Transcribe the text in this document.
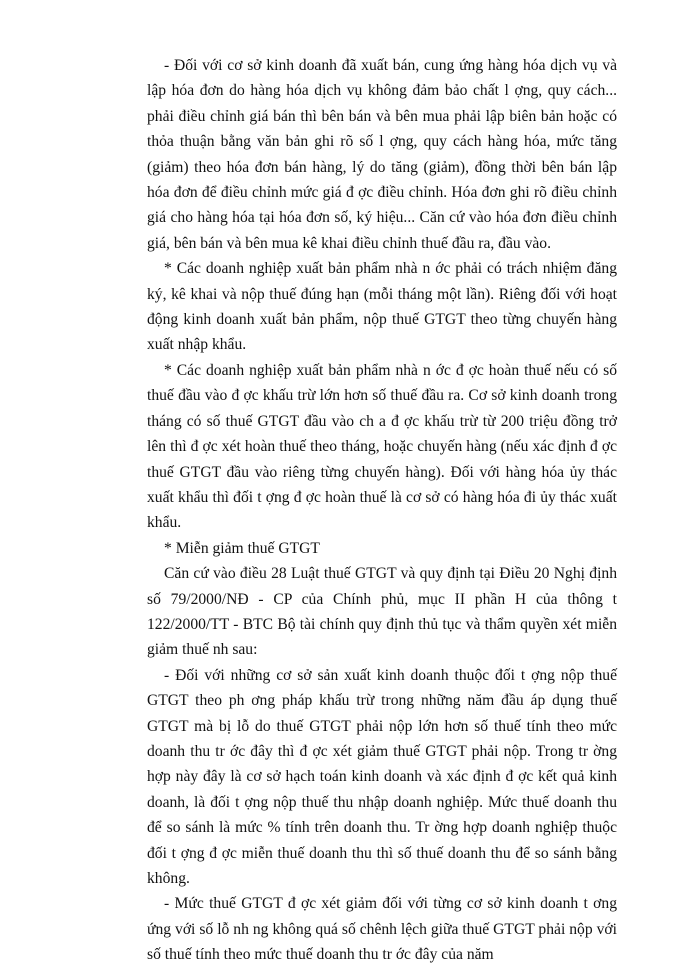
- Đối với cơ sở kinh doanh đã xuất bán, cung ứng hàng hóa dịch vụ và lập hóa đơn do hàng hóa dịch vụ không đảm bảo chất l ợng, quy cách... phải điều chỉnh giá bán thì bên bán và bên mua phải lập biên bản hoặc có thỏa thuận bằng văn bản ghi rõ số l ợng, quy cách hàng hóa, mức tăng (giảm) theo hóa đơn bán hàng, lý do tăng (giảm), đồng thời bên bán lập hóa đơn để điều chỉnh mức giá đ ợc điều chỉnh. Hóa đơn ghi rõ điều chỉnh giá cho hàng hóa tại hóa đơn số, ký hiệu... Căn cứ vào hóa đơn điều chỉnh giá, bên bán và bên mua kê khai điều chỉnh thuế đầu ra, đầu vào.

* Các doanh nghiệp xuất bản phẩm nhà n ớc phải có trách nhiệm đăng ký, kê khai và nộp thuế đúng hạn (mỗi tháng một lần). Riêng đối với hoạt động kinh doanh xuất bản phẩm, nộp thuế GTGT theo từng chuyến hàng xuất nhập khẩu.

* Các doanh nghiệp xuất bản phẩm nhà n ớc đ ợc hoàn thuế nếu có số thuế đầu vào đ ợc khấu trừ lớn hơn số thuế đầu ra. Cơ sở kinh doanh trong tháng có số thuế GTGT đầu vào ch a đ ợc khấu trừ từ 200 triệu đồng trở lên thì đ ợc xét hoàn thuế theo tháng, hoặc chuyến hàng (nếu xác định đ ợc thuế GTGT đầu vào riêng từng chuyến hàng). Đối với hàng hóa ủy thác xuất khẩu thì đối t ợng đ ợc hoàn thuế là cơ sở có hàng hóa đi ủy thác xuất khẩu.

* Miễn giảm thuế GTGT

Căn cứ vào điều 28 Luật thuế GTGT và quy định tại Điều 20 Nghị định số 79/2000/NĐ - CP của Chính phủ, mục II phần H của thông t 122/2000/TT - BTC Bộ tài chính quy định thủ tục và thẩm quyền xét miễn giảm thuế nh sau:

- Đối với những cơ sở sản xuất kinh doanh thuộc đối t ợng nộp thuế GTGT theo ph ơng pháp khấu trừ trong những năm đầu áp dụng thuế GTGT mà bị lỗ do thuế GTGT phải nộp lớn hơn số thuế tính theo mức doanh thu tr ớc đây thì đ ợc xét giảm thuế GTGT phải nộp. Trong tr ờng hợp này đây là cơ sở hạch toán kinh doanh và xác định đ ợc kết quả kinh doanh, là đối t ợng nộp thuế thu nhập doanh nghiệp. Mức thuế doanh thu để so sánh là mức % tính trên doanh thu. Tr ờng hợp doanh nghiệp thuộc đối t ợng đ ợc miễn thuế doanh thu thì số thuế doanh thu để so sánh bằng không.

- Mức thuế GTGT đ ợc xét giảm đối với từng cơ sở kinh doanh t ơng ứng với số lỗ nh ng không quá số chênh lệch giữa thuế GTGT phải nộp với số thuế tính theo mức thuế doanh thu tr ớc đây của năm
